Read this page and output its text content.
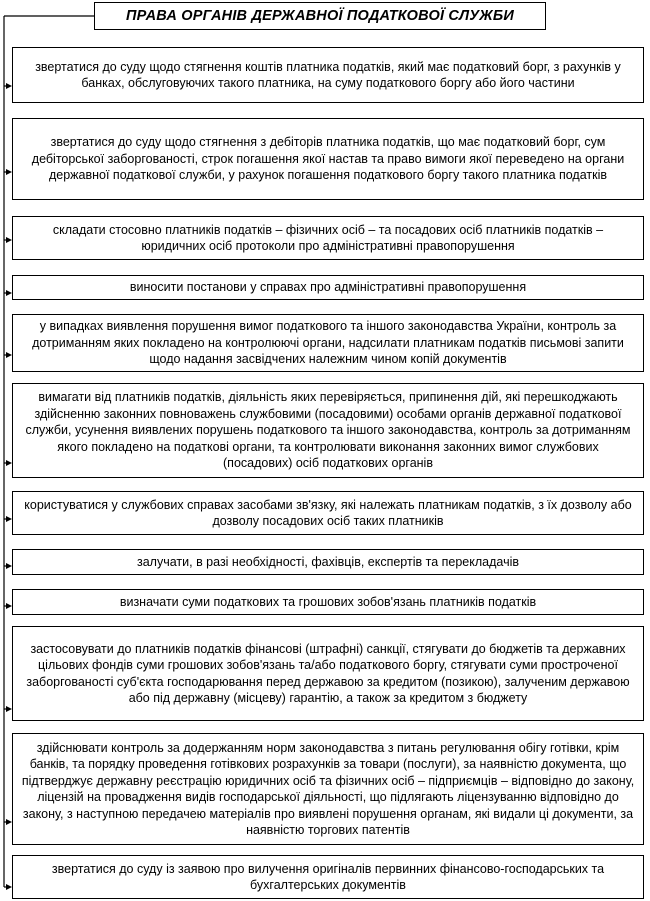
ПРАВА ОРГАНІВ ДЕРЖАВНОЇ ПОДАТКОВОЇ СЛУЖБИ
звертатися до суду щодо стягнення коштів платника податків, який має податковий борг, з рахунків у банках, обслуговуючих такого платника, на суму податкового боргу або його частини
звертатися до суду щодо стягнення з дебіторів платника податків, що має податковий борг, сум дебіторської заборгованості, строк погашення якої настав та право вимоги якої переведено на органи державної податкової служби, у рахунок погашення податкового боргу такого платника податків
складати стосовно платників податків – фізичних осіб – та посадових осіб платників податків – юридичних осіб протоколи про адміністративні правопорушення
виносити постанови у справах про адміністративні правопорушення
у випадках виявлення порушення вимог податкового та іншого законодавства України, контроль за дотриманням яких покладено на контролюючі органи, надсилати платникам податків письмові запити щодо надання засвідчених належним чином копій документів
вимагати від платників податків, діяльність яких перевіряється, припинення дій, які перешкоджають здійсненню законних повноважень службовими (посадовими) особами органів державної податкової служби, усунення виявлених порушень податкового та іншого законодавства, контроль за дотриманням якого покладено на податкові органи, та контролювати виконання законних вимог службових (посадових) осіб податкових органів
користуватися у службових справах засобами зв'язку, які належать платникам податків, з їх дозволу або дозволу посадових осіб таких платників
залучати, в разі необхідності, фахівців, експертів та перекладачів
визначати суми податкових та грошових зобов'язань платників податків
застосовувати до платників податків фінансові (штрафні) санкції, стягувати до бюджетів та державних цільових фондів суми грошових зобов'язань та/або податкового боргу, стягувати суми простроченої заборгованості суб'єкта господарювання перед державою за кредитом (позикою), залученим державою або під державну (місцеву) гарантію, а також за кредитом з бюджету
здійснювати контроль за додержанням норм законодавства з питань регулювання обігу готівки, крім банків, та порядку проведення готівкових розрахунків за товари (послуги), за наявністю документа, що підтверджує державну реєстрацію юридичних осіб та фізичних осіб – підприємців – відповідно до закону, ліцензій на провадження видів господарської діяльності, що підлягають ліцензуванню відповідно до закону, з наступною передачею матеріалів про виявлені порушення органам, які видали ці документи, за наявністю торгових патентів
звертатися до суду із заявою про вилучення оригіналів первинних фінансово-господарських та бухгалтерських документів
